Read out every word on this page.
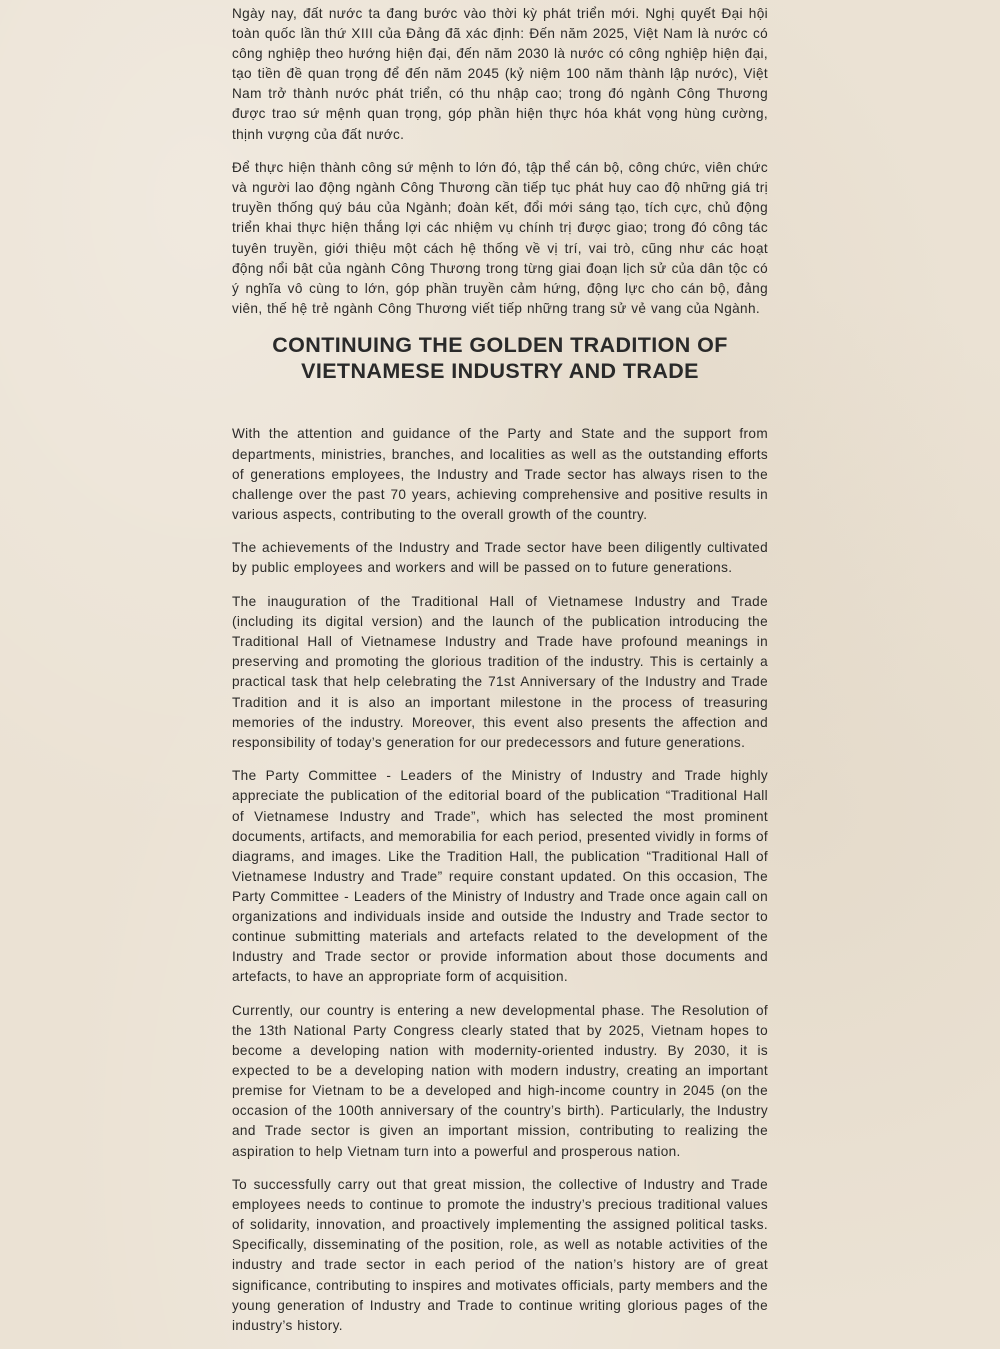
Ngày nay, đất nước ta đang bước vào thời kỳ phát triển mới. Nghị quyết Đại hội toàn quốc lần thứ XIII của Đảng đã xác định: Đến năm 2025, Việt Nam là nước có công nghiệp theo hướng hiện đại, đến năm 2030 là nước có công nghiệp hiện đại, tạo tiền đề quan trọng để đến năm 2045 (kỷ niệm 100 năm thành lập nước), Việt Nam trở thành nước phát triển, có thu nhập cao; trong đó ngành Công Thương được trao sứ mệnh quan trọng, góp phần hiện thực hóa khát vọng hùng cường, thịnh vượng của đất nước.

Để thực hiện thành công sứ mệnh to lớn đó, tập thể cán bộ, công chức, viên chức và người lao động ngành Công Thương cần tiếp tục phát huy cao độ những giá trị truyền thống quý báu của Ngành; đoàn kết, đổi mới sáng tạo, tích cực, chủ động triển khai thực hiện thắng lợi các nhiệm vụ chính trị được giao; trong đó công tác tuyên truyền, giới thiệu một cách hệ thống về vị trí, vai trò, cũng như các hoạt động nổi bật của ngành Công Thương trong từng giai đoạn lịch sử của dân tộc có ý nghĩa vô cùng to lớn, góp phần truyền cảm hứng, động lực cho cán bộ, đảng viên, thế hệ trẻ ngành Công Thương viết tiếp những trang sử vẻ vang của Ngành.

CONTINUING THE GOLDEN TRADITION OF
VIETNAMESE INDUSTRY AND TRADE

With the attention and guidance of the Party and State and the support from departments, ministries, branches, and localities as well as the outstanding efforts of generations employees, the Industry and Trade sector has always risen to the challenge over the past 70 years, achieving comprehensive and positive results in various aspects, contributing to the overall growth of the country.

The achievements of the Industry and Trade sector have been diligently cultivated by public employees and workers and will be passed on to future generations.

The inauguration of the Traditional Hall of Vietnamese Industry and Trade (including its digital version) and the launch of the publication introducing the Traditional Hall of Vietnamese Industry and Trade have profound meanings in preserving and promoting the glorious tradition of the industry. This is certainly a practical task that help celebrating the 71st Anniversary of the Industry and Trade Tradition and it is also an important milestone in the process of treasuring memories of the industry. Moreover, this event also presents the affection and responsibility of today’s generation for our predecessors and future generations.

The Party Committee - Leaders of the Ministry of Industry and Trade highly appreciate the publication of the editorial board of the publication “Traditional Hall of Vietnamese Industry and Trade”, which has selected the most prominent documents, artifacts, and memorabilia for each period, presented vividly in forms of diagrams, and images. Like the Tradition Hall, the publication “Traditional Hall of Vietnamese Industry and Trade” require constant updated. On this occasion, The Party Committee - Leaders of the Ministry of Industry and Trade once again call on organizations and individuals inside and outside the Industry and Trade sector to continue submitting materials and artefacts related to the development of the Industry and Trade sector or provide information about those documents and artefacts, to have an appropriate form of acquisition.

Currently, our country is entering a new developmental phase. The Resolution of the 13th National Party Congress clearly stated that by 2025, Vietnam hopes to become a developing nation with modernity-oriented industry. By 2030, it is expected to be a developing nation with modern industry, creating an important premise for Vietnam to be a developed and high-income country in 2045 (on the occasion of the 100th anniversary of the country’s birth). Particularly, the Industry and Trade sector is given an important mission, contributing to realizing the aspiration to help Vietnam turn into a powerful and prosperous nation.

To successfully carry out that great mission, the collective of Industry and Trade employees needs to continue to promote the industry’s precious traditional values of solidarity, innovation, and proactively implementing the assigned political tasks. Specifically, disseminating of the position, role, as well as notable activities of the industry and trade sector in each period of the nation’s history are of great significance, contributing to inspires and motivates officials, party members and the young generation of Industry and Trade to continue writing glorious pages of the industry’s history.
